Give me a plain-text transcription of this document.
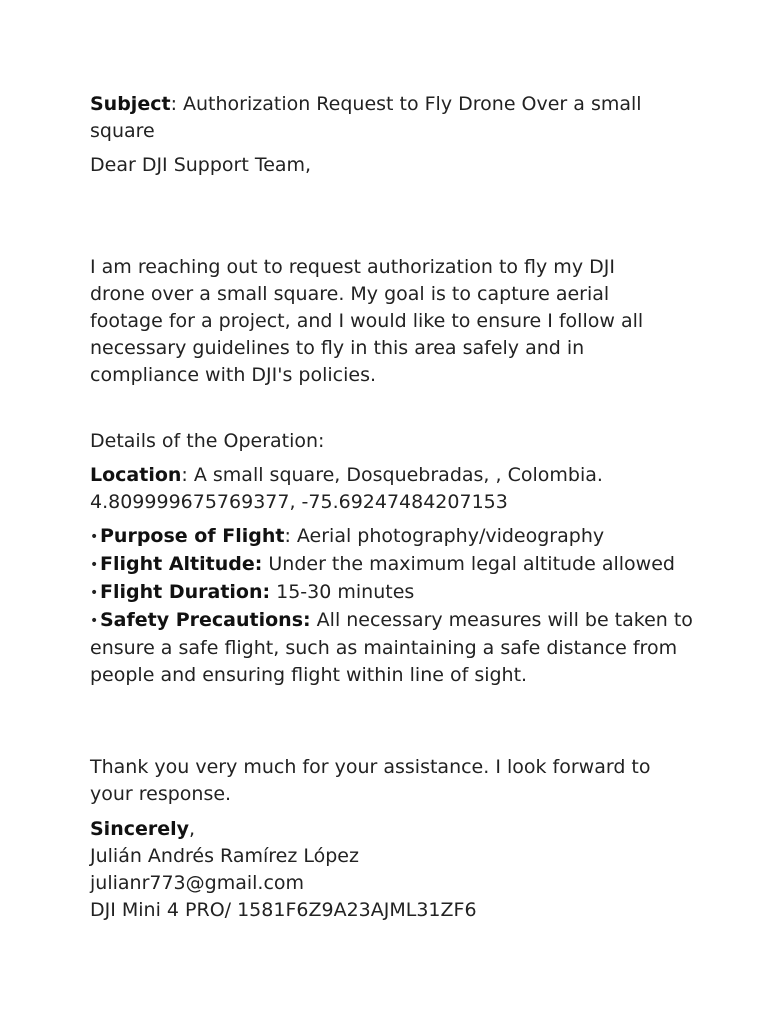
Subject: Authorization Request to Fly Drone Over a small
square
Dear DJI Support Team,
I am reaching out to request authorization to fly my DJI
drone over a small square. My goal is to capture aerial
footage for a project, and I would like to ensure I follow all
necessary guidelines to fly in this area safely and in
compliance with DJI's policies.
Details of the Operation:
Location: A small square, Dosquebradas, , Colombia.
4.809999675769377, -75.69247484207153
•Purpose of Flight: Aerial photography/videography
•Flight Altitude: Under the maximum legal altitude allowed
•Flight Duration: 15-30 minutes
•Safety Precautions: All necessary measures will be taken to
ensure a safe flight, such as maintaining a safe distance from
people and ensuring flight within line of sight.
Thank you very much for your assistance. I look forward to
your response.
Sincerely,
Julián Andrés Ramírez López
julianr773@gmail.com
DJI Mini 4 PRO/ 1581F6Z9A23AJML31ZF6
